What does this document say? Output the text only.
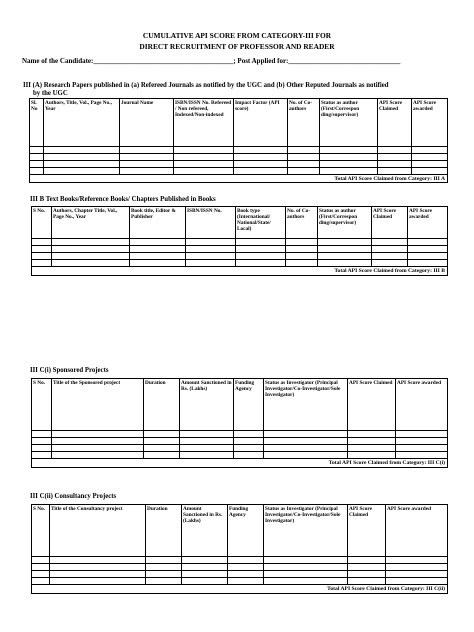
CUMULATIVE API SCORE FROM CATEGORY-III FOR
DIRECT RECRUITMENT OF PROFESSOR AND READER
Name of the Candidate:________________________________________; Post Applied for:________________________________
III (A) Research Papers published in (a) Refereed Journals as notified by the UGC and (b) Other Reputed Journals as notified
by the UGC
Sl. No	Authors, Title, Vol., Page No., Year	Journal Name	ISBN/ISSN No. Refereed / Non refereed, Indexed/Non-indexed	Impact Factor (API score)	No. of Co-authors	Status as author (First/Correspon ding/supervisor)	API Score Claimed	API Score awarded

Total API Score Claimed from Category: III A								
III B Text Books/Reference Books/ Chapters Published in Books
S No.	Authors, Chapter Title, Vol., Page No., Year	Book title, Editor & Publisher	ISBN/ISSN No.	Book type (International/ National/State/ Local)	No. of Co-authors	Status as author (First/Correspon ding/supervisor)	API Score Claimed	API Score awarded

Total API Score Claimed from Category: III B								
III C(i) Sponsored Projects
S No.	Title of the Sponsored project	Duration	Amount Sanctioned in Rs. (Lakhs)	Funding Agency	Status as Investigator (Principal Investigator/Co-Investigator/Sole Investigator)	API Score Claimed	API Score awarded

Total API Score Claimed from Category: III C(i)							
III C(ii) Consultancy Projects
S No.	Title of the Consultancy project	Duration	Amount Sanctioned in Rs. (Lakhs)	Funding Agency	Status as Investigator (Principal Investigator/Co-Investigator/Sole Investigator)	API Score Claimed	API Score awarded

Total API Score Claimed from Category: III C(ii)							
